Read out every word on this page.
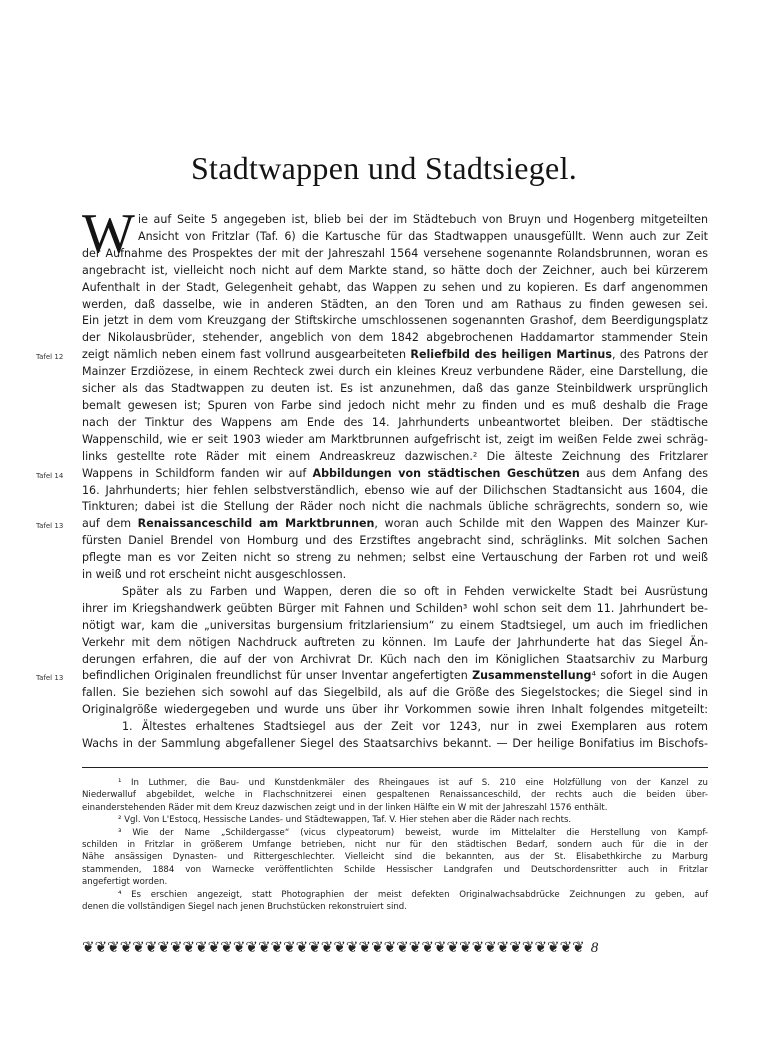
Stadtwappen und Stadtsiegel.
W ie auf Seite 5 angegeben ist, blieb bei der im Städtebuch von Bruyn und Hogenberg mitgeteilten
Ansicht von Fritzlar (Taf. 6) die Kartusche für das Stadtwappen unausgefüllt. Wenn auch zur Zeit
der Aufnahme des Prospektes der mit der Jahreszahl 1564 versehene sogenannte Rolandsbrunnen, woran es
angebracht ist, vielleicht noch nicht auf dem Markte stand, so hätte doch der Zeichner, auch bei kürzerem
Aufenthalt in der Stadt, Gelegenheit gehabt, das Wappen zu sehen und zu kopieren. Es darf angenommen
werden, daß dasselbe, wie in anderen Städten, an den Toren und am Rathaus zu finden gewesen sei.
Ein jetzt in dem vom Kreuzgang der Stiftskirche umschlossenen sogenannten Grashof, dem Beerdigungsplatz
der Nikolausbrüder, stehender, angeblich von dem 1842 abgebrochenen Haddamartor stammender Stein
Tafel 12 zeigt nämlich neben einem fast vollrund ausgearbeiteten Reliefbild des heiligen Martinus, des Patrons der
Mainzer Erzdiözese, in einem Rechteck zwei durch ein kleines Kreuz verbundene Räder, eine Darstellung, die
sicher als das Stadtwappen zu deuten ist. Es ist anzunehmen, daß das ganze Steinbildwerk ursprünglich
bemalt gewesen ist; Spuren von Farbe sind jedoch nicht mehr zu finden und es muß deshalb die Frage
nach der Tinktur des Wappens am Ende des 14. Jahrhunderts unbeantwortet bleiben. Der städtische
Wappenschild, wie er seit 1903 wieder am Marktbrunnen aufgefrischt ist, zeigt im weißen Felde zwei schräg-
links gestellte rote Räder mit einem Andreaskreuz dazwischen.² Die älteste Zeichnung des Fritzlarer
Tafel 14 Wappens in Schildform fanden wir auf Abbildungen von städtischen Geschützen aus dem Anfang des
16. Jahrhunderts; hier fehlen selbstverständlich, ebenso wie auf der Dilichschen Stadtansicht aus 1604, die
Tinkturen; dabei ist die Stellung der Räder noch nicht die nachmals übliche schrägrechts, sondern so, wie
Tafel 13 auf dem Renaissanceschild am Marktbrunnen, woran auch Schilde mit den Wappen des Mainzer Kur-
fürsten Daniel Brendel von Homburg und des Erzstiftes angebracht sind, schräglinks. Mit solchen Sachen
pflegte man es vor Zeiten nicht so streng zu nehmen; selbst eine Vertauschung der Farben rot und weiß
in weiß und rot erscheint nicht ausgeschlossen.
Später als zu Farben und Wappen, deren die so oft in Fehden verwickelte Stadt bei Ausrüstung
ihrer im Kriegshandwerk geübten Bürger mit Fahnen und Schilden³ wohl schon seit dem 11. Jahrhundert be-
nötigt war, kam die „universitas burgensium fritzlariensium“ zu einem Stadtsiegel, um auch im friedlichen
Verkehr mit dem nötigen Nachdruck auftreten zu können. Im Laufe der Jahrhunderte hat das Siegel Än-
derungen erfahren, die auf der von Archivrat Dr. Küch nach den im Königlichen Staatsarchiv zu Marburg
Tafel 13 befindlichen Originalen freundlichst für unser Inventar angefertigten Zusammenstellung⁴ sofort in die Augen
fallen. Sie beziehen sich sowohl auf das Siegelbild, als auf die Größe des Siegelstockes; die Siegel sind in
Originalgröße wiedergegeben und wurde uns über ihr Vorkommen sowie ihren Inhalt folgendes mitgeteilt:
1. Ältestes erhaltenes Stadtsiegel aus der Zeit vor 1243, nur in zwei Exemplaren aus rotem
Wachs in der Sammlung abgefallener Siegel des Staatsarchivs bekannt. — Der heilige Bonifatius im Bischofs-
¹ In Luthmer, die Bau- und Kunstdenkmäler des Rheingaues ist auf S. 210 eine Holzfüllung von der Kanzel zu
Niederwalluf abgebildet, welche in Flachschnitzerei einen gespaltenen Renaissanceschild, der rechts auch die beiden über-
einanderstehenden Räder mit dem Kreuz dazwischen zeigt und in der linken Hälfte ein W mit der Jahreszahl 1576 enthält.
² Vgl. Von L'Estocq, Hessische Landes- und Städtewappen, Taf. V. Hier stehen aber die Räder nach rechts.
³ Wie der Name „Schildergasse“ (vicus clypeatorum) beweist, wurde im Mittelalter die Herstellung von Kampf-
schilden in Fritzlar in größerem Umfange betrieben, nicht nur für den städtischen Bedarf, sondern auch für die in der
Nähe ansässigen Dynasten- und Rittergeschlechter. Vielleicht sind die bekannten, aus der St. Elisabethkirche zu Marburg
stammenden, 1884 von Warnecke veröffentlichten Schilde Hessischer Landgrafen und Deutschordensritter auch in Fritzlar
angefertigt worden.
⁴ Es erschien angezeigt, statt Photographien der meist defekten Originalwachsabdrücke Zeichnungen zu geben, auf
denen die vollständigen Siegel nach jenen Bruchstücken rekonstruiert sind.
❦❦❦❦❦❦❦❦❦❦❦❦❦❦❦❦❦❦❦❦❦❦❦❦❦❦❦❦❦❦❦❦❦❦❦❦❦❦❦❦ 8
